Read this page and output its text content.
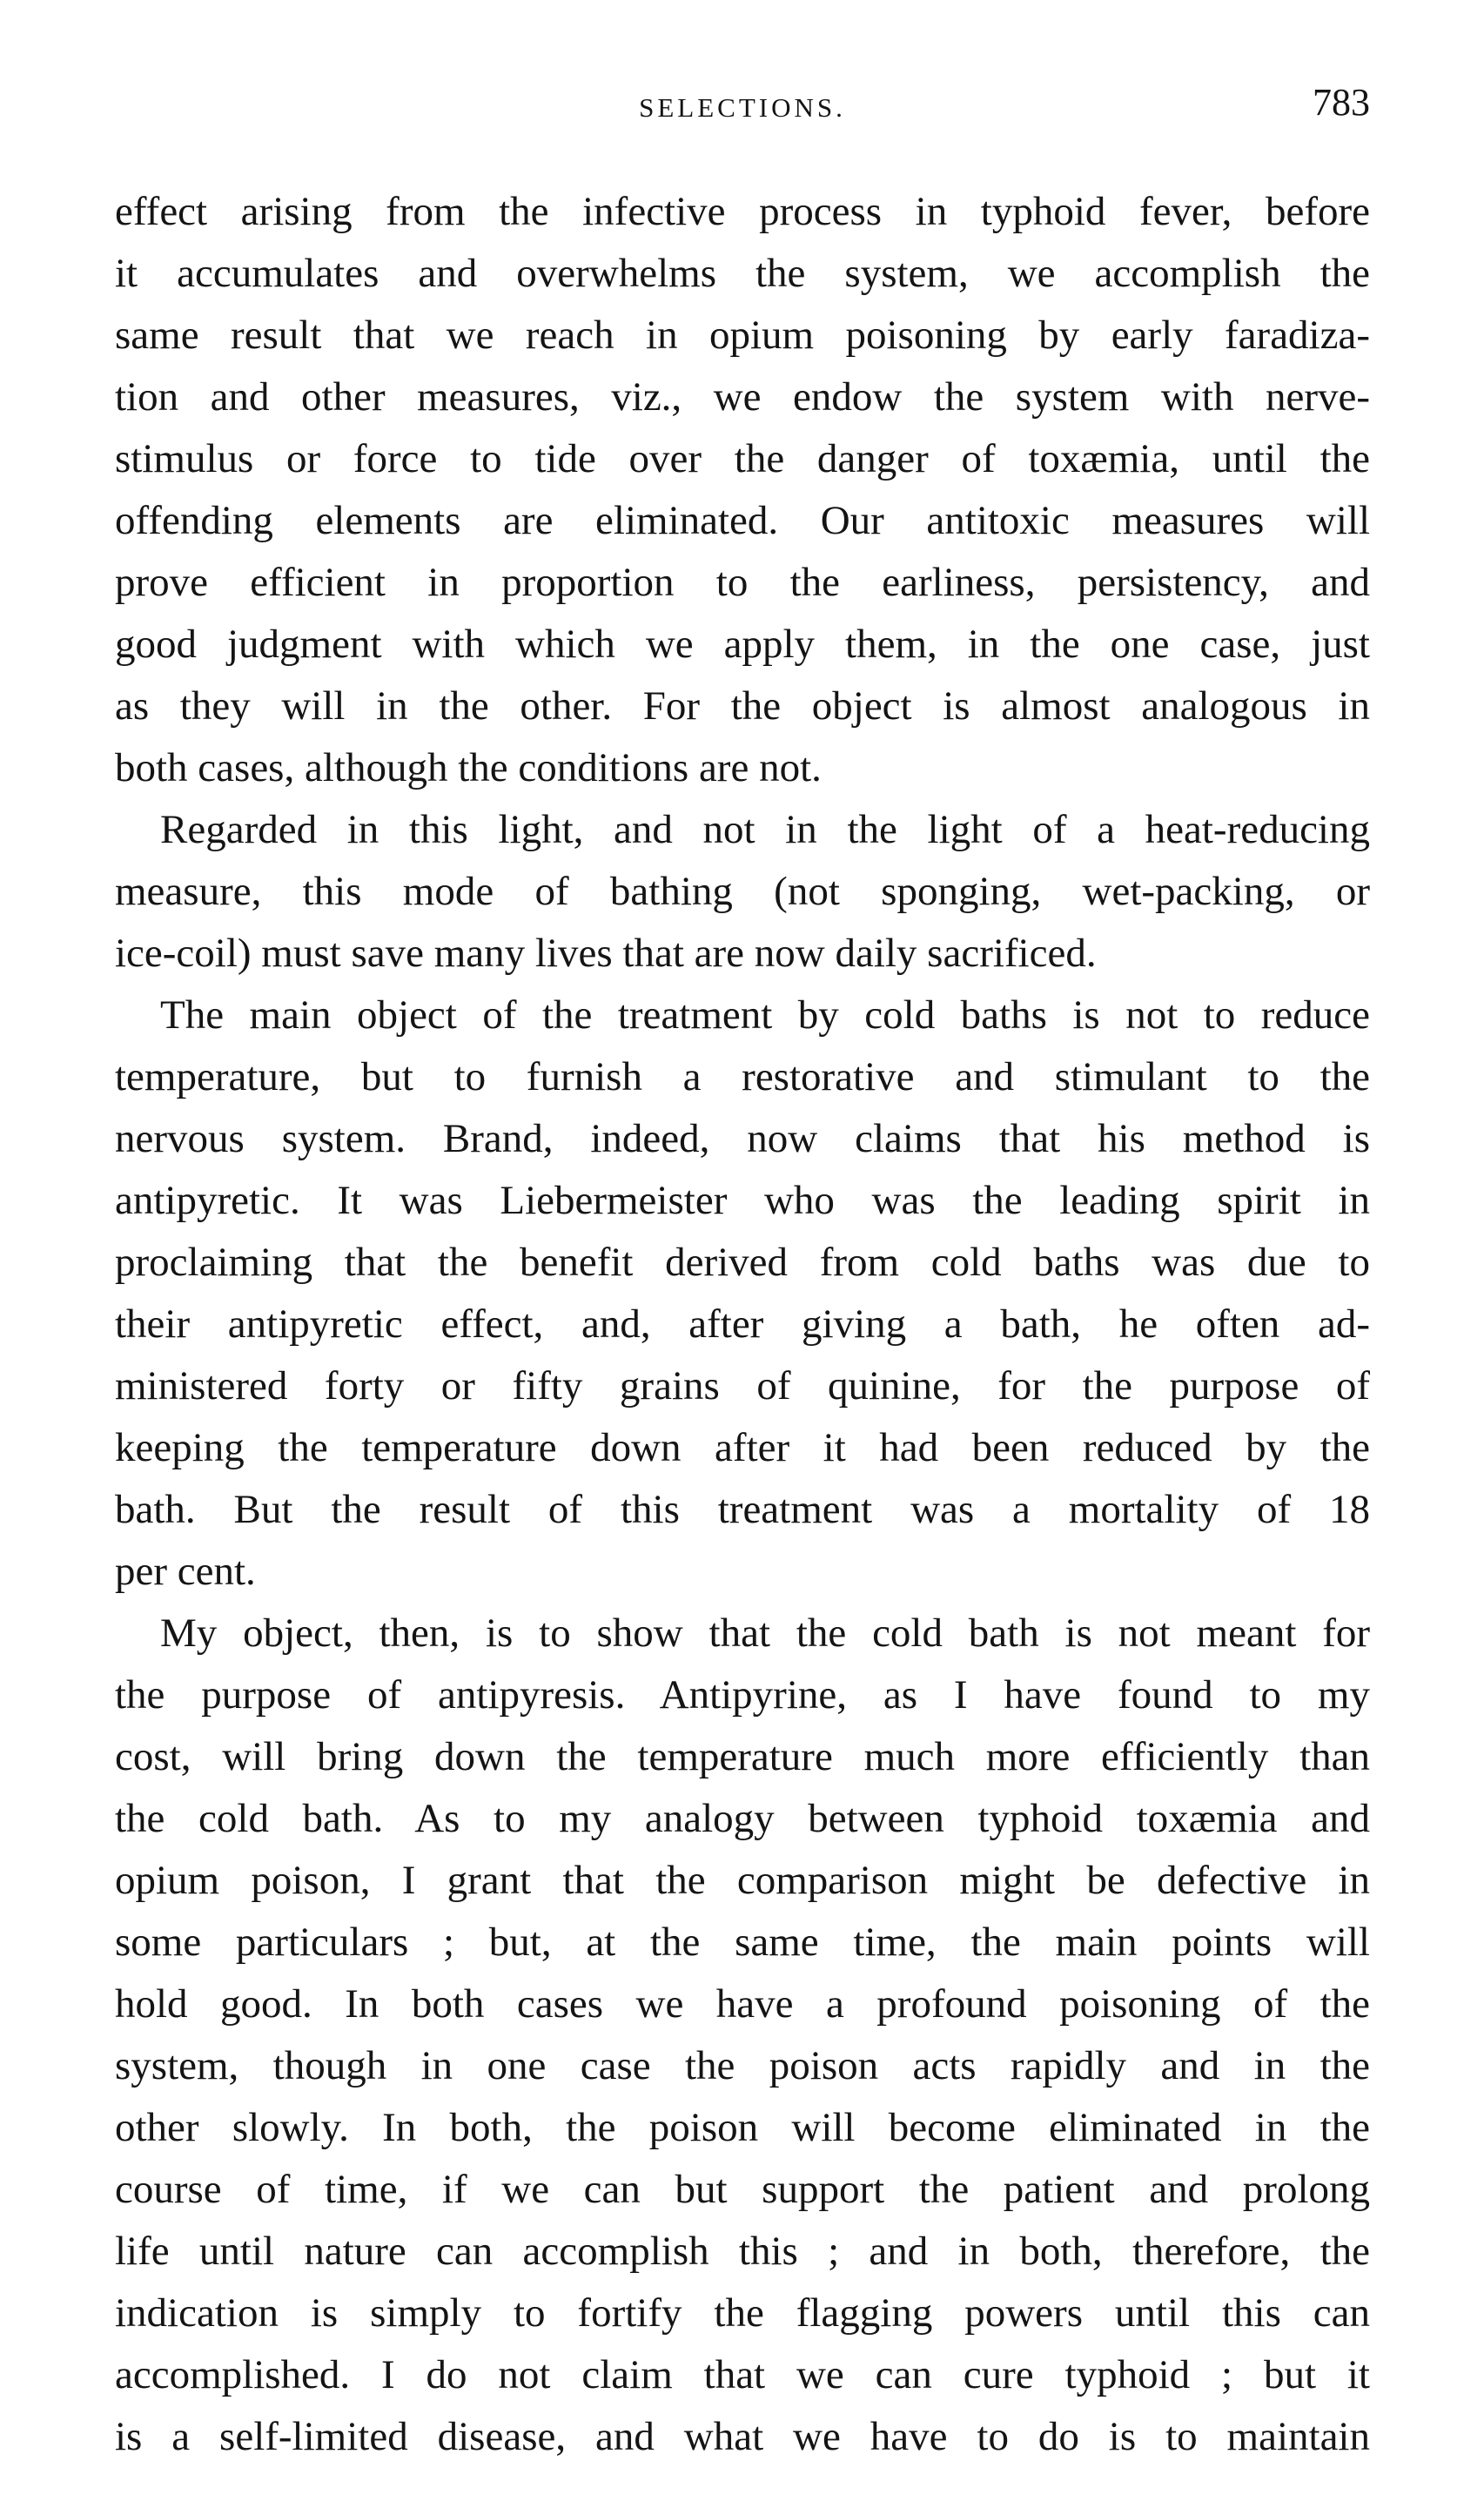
SELECTIONS.	783
effect arising from the infective process in typhoid fever, before
it accumulates and overwhelms the system, we accomplish the
same result that we reach in opium poisoning by early faradiza-
tion and other measures, viz., we endow the system with nerve-
stimulus or force to tide over the danger of toxæmia, until the
offending elements are eliminated. Our antitoxic measures will
prove efficient in proportion to the earliness, persistency, and
good judgment with which we apply them, in the one case, just
as they will in the other. For the object is almost analogous in
both cases, although the conditions are not.
Regarded in this light, and not in the light of a heat-reducing
measure, this mode of bathing (not sponging, wet-packing, or
ice-coil) must save many lives that are now daily sacrificed.
The main object of the treatment by cold baths is not to reduce
temperature, but to furnish a restorative and stimulant to the
nervous system. Brand, indeed, now claims that his method is
antipyretic. It was Liebermeister who was the leading spirit in
proclaiming that the benefit derived from cold baths was due to
their antipyretic effect, and, after giving a bath, he often ad-
ministered forty or fifty grains of quinine, for the purpose of
keeping the temperature down after it had been reduced by the
bath. But the result of this treatment was a mortality of 18
per cent.
My object, then, is to show that the cold bath is not meant for
the purpose of antipyresis. Antipyrine, as I have found to my
cost, will bring down the temperature much more efficiently than
the cold bath. As to my analogy between typhoid toxæmia and
opium poison, I grant that the comparison might be defective in
some particulars ; but, at the same time, the main points will
hold good. In both cases we have a profound poisoning of the
system, though in one case the poison acts rapidly and in the
other slowly. In both, the poison will become eliminated in the
course of time, if we can but support the patient and prolong
life until nature can accomplish this ; and in both, therefore, the
indication is simply to fortify the flagging powers until this can
accomplished. I do not claim that we can cure typhoid ; but it
is a self-limited disease, and what we have to do is to maintain
